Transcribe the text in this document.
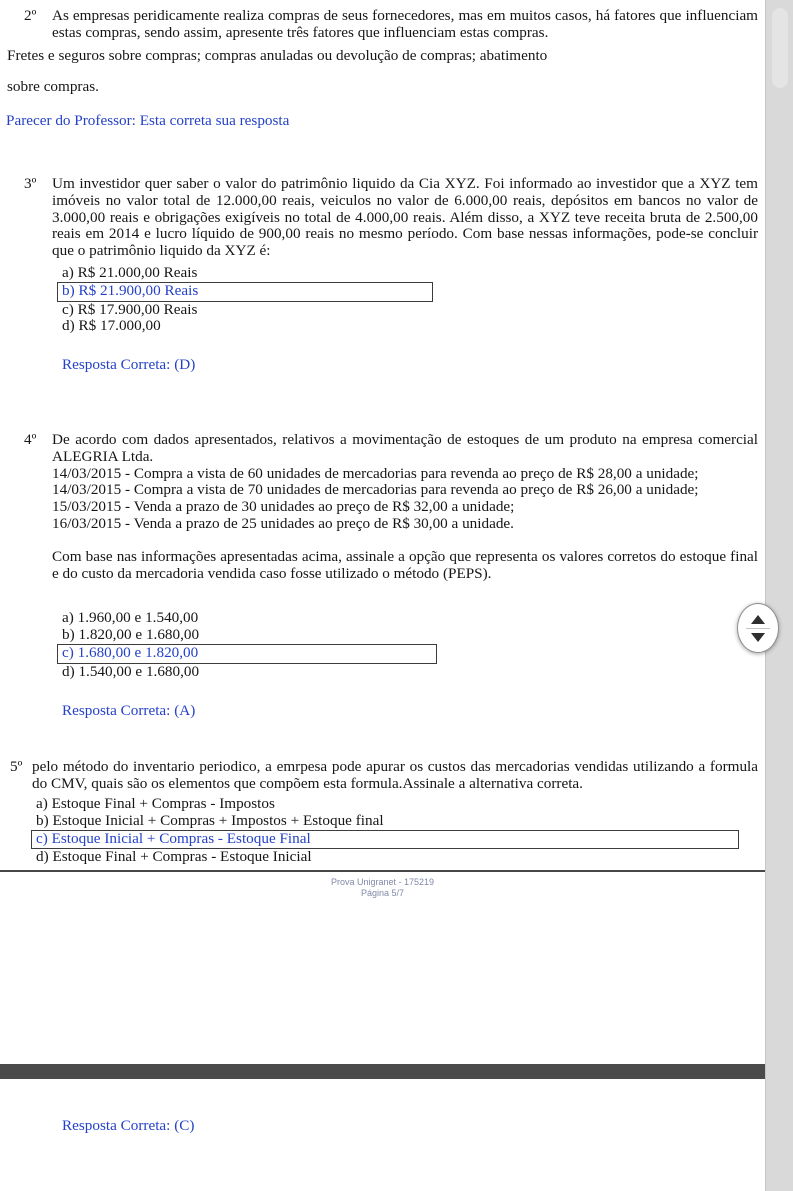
2º	As empresas peridicamente realiza compras de seus fornecedores, mas em muitos casos, há fatores que influenciam estas compras, sendo assim, apresente três fatores que influenciam estas compras.

Fretes e seguros sobre compras; compras anuladas ou devolução de compras; abatimento

sobre compras.

Parecer do Professor: Esta correta sua resposta

3º	Um investidor quer saber o valor do patrimônio liquido da Cia XYZ. Foi informado ao investidor que a XYZ tem imóveis no valor total de 12.000,00 reais, veiculos no valor de 6.000,00 reais, depósitos em bancos no valor de 3.000,00 reais e obrigações exigíveis no total de 4.000,00 reais. Além disso, a XYZ teve receita bruta de 2.500,00 reais em 2014 e lucro líquido de 900,00 reais no mesmo período. Com base nessas informações, pode-se concluir que o patrimônio liquido da XYZ é:

a) R$ 21.000,00 Reais

b) R$ 21.900,00 Reais

c) R$ 17.900,00 Reais

d) R$ 17.000,00

Resposta Correta: (D)

4º	De acordo com dados apresentados, relativos a movimentação de estoques de um produto na empresa comercial ALEGRIA Ltda.

14/03/2015 - Compra a vista de 60 unidades de mercadorias para revenda ao preço de R$ 28,00 a unidade;

14/03/2015 - Compra a vista de 70 unidades de mercadorias para revenda ao preço de R$ 26,00 a unidade;

15/03/2015 - Venda a prazo de 30 unidades ao preço de R$ 32,00 a unidade;

16/03/2015 - Venda a prazo de 25 unidades ao preço de R$ 30,00 a unidade.

Com base nas informações apresentadas acima, assinale a opção que representa os valores corretos do estoque final e do custo da mercadoria vendida caso fosse utilizado o método (PEPS).

a) 1.960,00 e 1.540,00

b) 1.820,00 e 1.680,00

c) 1.680,00 e 1.820,00

d) 1.540,00 e 1.680,00

Resposta Correta: (A)

5º pelo método do inventario periodico, a emrpesa pode apurar os custos das mercadorias vendidas utilizando a formula do CMV, quais são os elementos que compõem esta formula.Assinale a alternativa correta.

a) Estoque Final + Compras - Impostos

b) Estoque Inicial + Compras + Impostos + Estoque final

c) Estoque Inicial + Compras - Estoque Final

d) Estoque Final + Compras - Estoque Inicial

Prova Unigranet - 175219
Página 5/7

Resposta Correta: (C)
